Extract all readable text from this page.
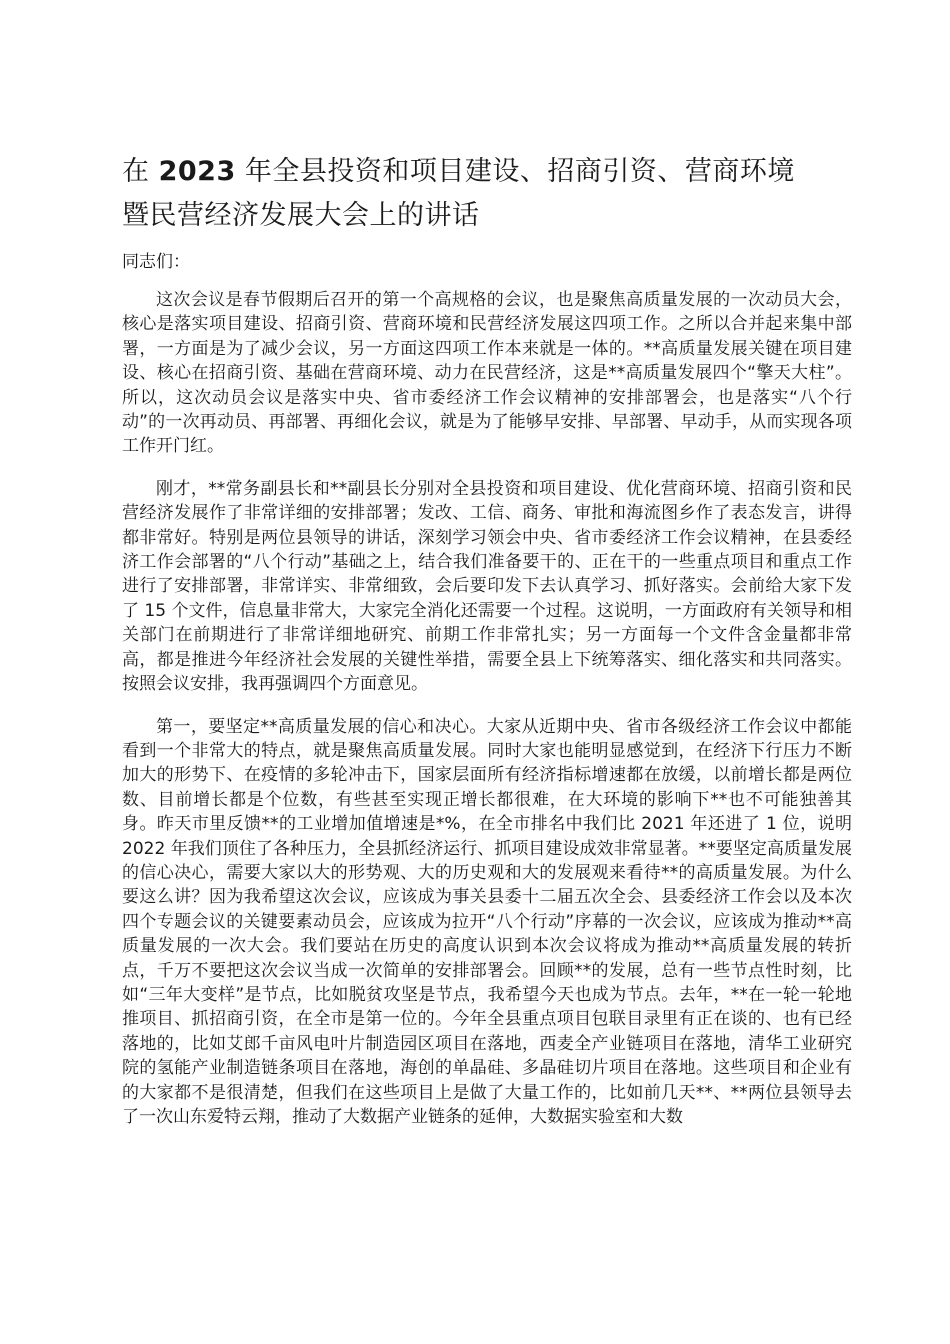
在 2023 年全县投资和项目建设、招商引资、营商环境
暨民营经济发展大会上的讲话

同志们：

这次会议是春节假期后召开的第一个高规格的会议，也是聚焦高质量发展的一次动员大会，核心是落实项目建设、招商引资、营商环境和民营经济发展这四项工作。之所以合并起来集中部署，一方面是为了减少会议，另一方面这四项工作本来就是一体的。**高质量发展关键在项目建设、核心在招商引资、基础在营商环境、动力在民营经济，这是**高质量发展四个“擎天大柱”。所以，这次动员会议是落实中央、省市委经济工作会议精神的安排部署会，也是落实“八个行动”的一次再动员、再部署、再细化会议，就是为了能够早安排、早部署、早动手，从而实现各项工作开门红。

刚才，**常务副县长和**副县长分别对全县投资和项目建设、优化营商环境、招商引资和民营经济发展作了非常详细的安排部署；发改、工信、商务、审批和海流图乡作了表态发言，讲得都非常好。特别是两位县领导的讲话，深刻学习领会中央、省市委经济工作会议精神，在县委经济工作会部署的“八个行动”基础之上，结合我们准备要干的、正在干的一些重点项目和重点工作进行了安排部署，非常详实、非常细致，会后要印发下去认真学习、抓好落实。会前给大家下发了 15 个文件，信息量非常大，大家完全消化还需要一个过程。这说明，一方面政府有关领导和相关部门在前期进行了非常详细地研究、前期工作非常扎实；另一方面每一个文件含金量都非常高，都是推进今年经济社会发展的关键性举措，需要全县上下统筹落实、细化落实和共同落实。按照会议安排，我再强调四个方面意见。

第一，要坚定**高质量发展的信心和决心。大家从近期中央、省市各级经济工作会议中都能看到一个非常大的特点，就是聚焦高质量发展。同时大家也能明显感觉到，在经济下行压力不断加大的形势下、在疫情的多轮冲击下，国家层面所有经济指标增速都在放缓，以前增长都是两位数、目前增长都是个位数，有些甚至实现正增长都很难，在大环境的影响下**也不可能独善其身。昨天市里反馈**的工业增加值增速是*%，在全市排名中我们比 2021 年还进了 1 位，说明 2022 年我们顶住了各种压力，全县抓经济运行、抓项目建设成效非常显著。**要坚定高质量发展的信心决心，需要大家以大的形势观、大的历史观和大的发展观来看待**的高质量发展。为什么要这么讲？因为我希望这次会议，应该成为事关县委十二届五次全会、县委经济工作会以及本次四个专题会议的关键要素动员会，应该成为拉开“八个行动”序幕的一次会议，应该成为推动**高质量发展的一次大会。我们要站在历史的高度认识到本次会议将成为推动**高质量发展的转折点，千万不要把这次会议当成一次简单的安排部署会。回顾**的发展，总有一些节点性时刻，比如“三年大变样”是节点，比如脱贫攻坚是节点，我希望今天也成为节点。去年，**在一轮一轮地推项目、抓招商引资，在全市是第一位的。今年全县重点项目包联目录里有正在谈的、也有已经落地的，比如艾郎千亩风电叶片制造园区项目在落地，西麦全产业链项目在落地，清华工业研究院的氢能产业制造链条项目在落地，海创的单晶硅、多晶硅切片项目在落地。这些项目和企业有的大家都不是很清楚，但我们在这些项目上是做了大量工作的，比如前几天**、**两位县领导去了一次山东爱特云翔，推动了大数据产业链条的延伸，大数据实验室和大数
